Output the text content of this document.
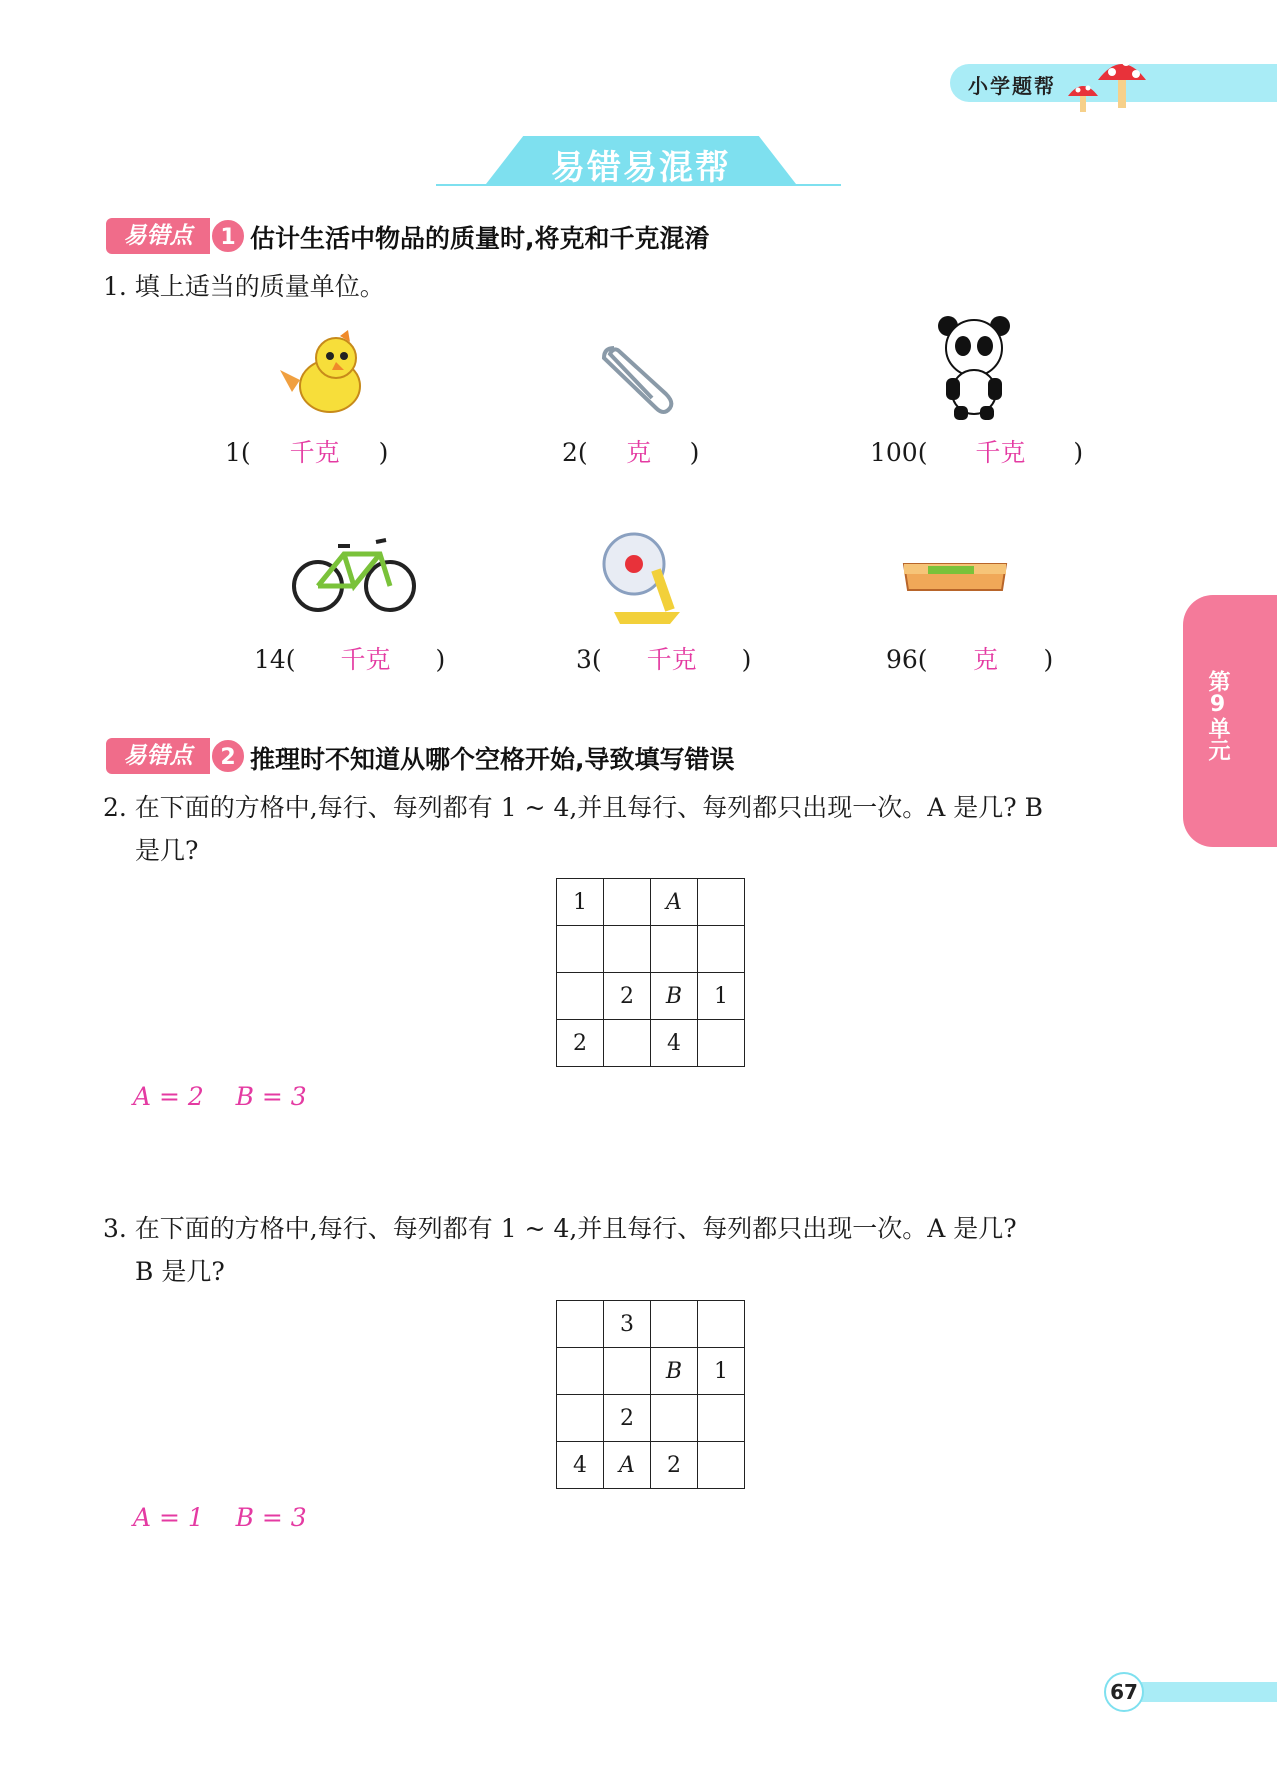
小学题帮
易错易混帮
易错点	1 估计生活中物品的质量时,将克和千克混淆
1. 填上适当的质量单位。
1( 千克 )	2( 克 )	100( 千克 )
14( 千克 )	3( 千克 )	96( 克 )
易错点	2 推理时不知道从哪个空格开始,导致填写错误
2. 在下面的方格中,每行、每列都有 1 ~ 4,并且每行、每列都只出现一次。A 是几? B
是几?
1		A	

	2	B	1
2		4	
A = 2    B = 3
3. 在下面的方格中,每行、每列都有 1 ~ 4,并且每行、每列都只出现一次。A 是几?
B 是几?
	3		
		B	1
	2		
4	A	2	
A = 1    B = 3
第9单元
67
